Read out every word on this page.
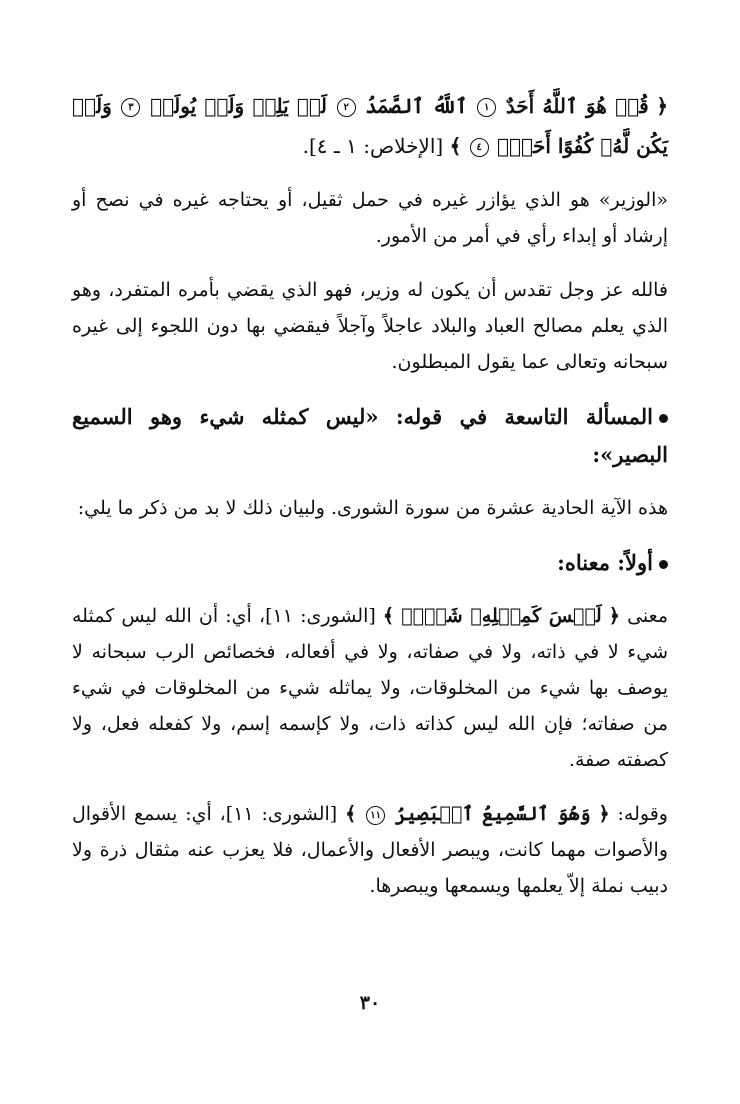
﴿ قُلۡ هُوَ ٱللَّهُ أَحَدٌ ١ ٱللَّهُ ٱلصَّمَدُ ٢ لَمۡ يَلِدۡ وَلَمۡ يُولَدۡ ٣ وَلَمۡ يَكُن لَّهُۥ كُفُوًا أَحَدُۢ ٤ ﴾ [الإخلاص: ١ ـ ٤].

«الوزير» هو الذي يؤازر غيره في حمل ثقيل، أو يحتاجه غيره في نصح أو إرشاد أو إبداء رأي في أمر من الأمور.

فالله عز وجل تقدس أن يكون له وزير، فهو الذي يقضي بأمره المتفرد، وهو الذي يعلم مصالح العباد والبلاد عاجلاً وآجلاً فيقضي بها دون اللجوء إلى غيره سبحانه وتعالى عما يقول المبطلون.

المسألة التاسعة في قوله: «ليس كمثله شيء وهو السميع البصير»:

هذه الآية الحادية عشرة من سورة الشورى. ولبيان ذلك لا بد من ذكر ما يلي:

أولاً: معناه:

معنى ﴿ لَيۡسَ كَمِثۡلِهِۦ شَيۡءٞ ﴾ [الشورى: ١١]، أي: أن الله ليس كمثله شيء لا في ذاته، ولا في صفاته، ولا في أفعاله، فخصائص الرب سبحانه لا يوصف بها شيء من المخلوقات، ولا يماثله شيء من المخلوقات في شيء من صفاته؛ فإن الله ليس كذاته ذات، ولا كإسمه إسم، ولا كفعله فعل، ولا كصفته صفة.

وقوله: ﴿ وَهُوَ ٱلسَّمِيعُ ٱلۡبَصِيرُ ١١ ﴾ [الشورى: ١١]، أي: يسمع الأقوال والأصوات مهما كانت، ويبصر الأفعال والأعمال، فلا يعزب عنه مثقال ذرة ولا دبيب نملة إلاّ يعلمها ويسمعها ويبصرها.

٣٠
